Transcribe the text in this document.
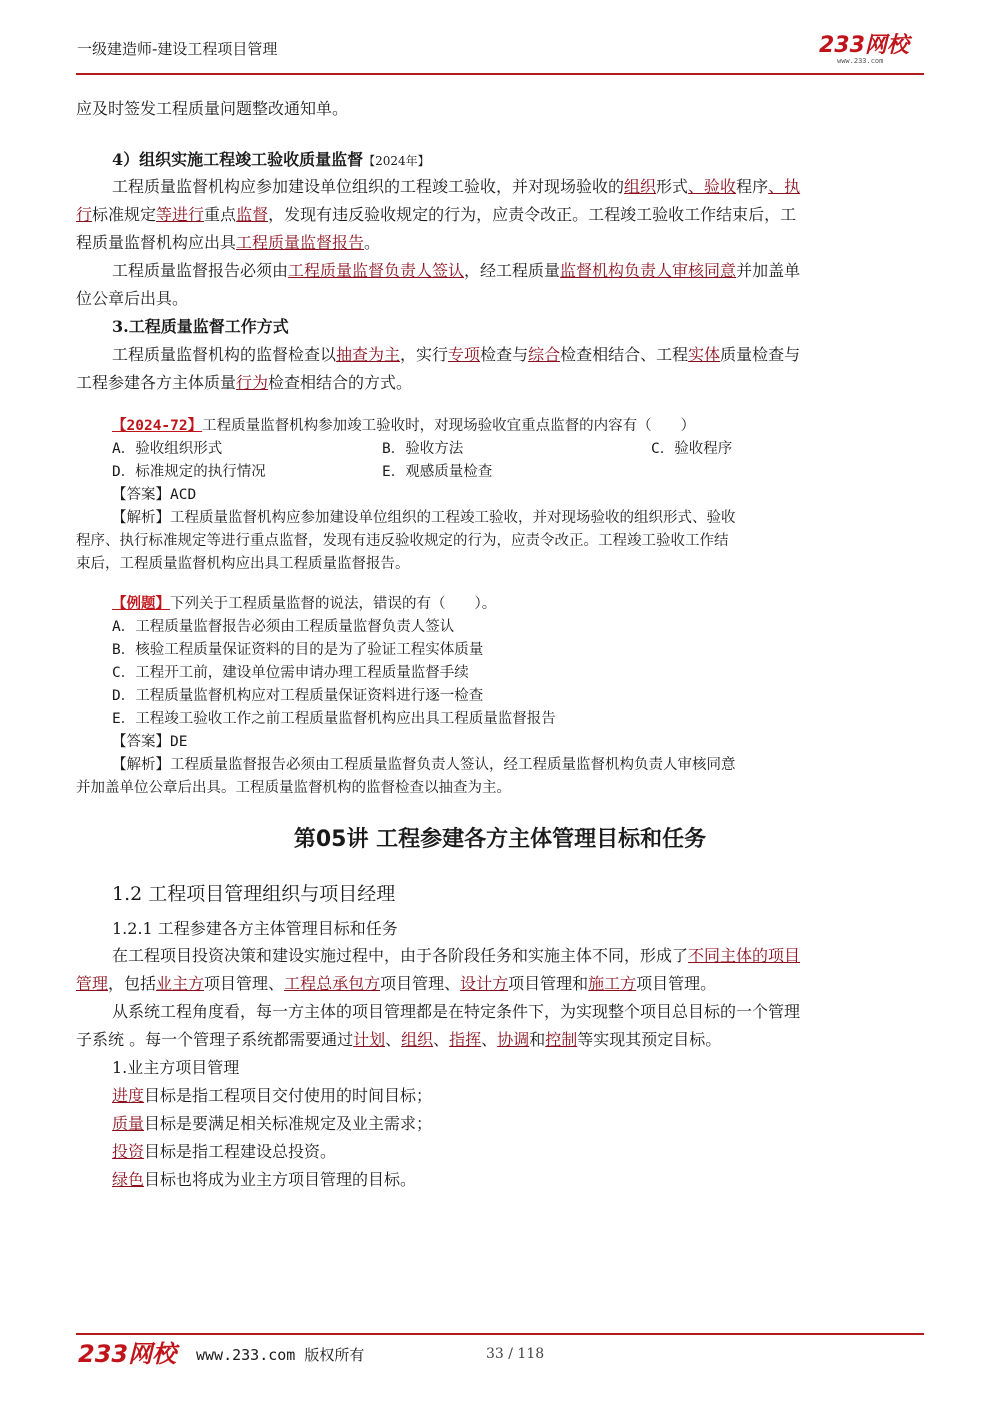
一级建造师-建设工程项目管理	233网校
www.233.com
应及时签发工程质量问题整改通知单。
4）组织实施工程竣工验收质量监督【2024年】
工程质量监督机构应参加建设单位组织的工程竣工验收，并对现场验收的组织形式、验收程序、执
行标准规定等进行重点监督，发现有违反验收规定的行为，应责令改正。工程竣工验收工作结束后，工
程质量监督机构应出具工程质量监督报告。
工程质量监督报告必须由工程质量监督负责人签认，经工程质量监督机构负责人审核同意并加盖单
位公章后出具。
3.工程质量监督工作方式
工程质量监督机构的监督检查以抽查为主，实行专项检查与综合检查相结合、工程实体质量检查与
工程参建各方主体质量行为检查相结合的方式。
【2024-72】工程质量监督机构参加竣工验收时，对现场验收宜重点监督的内容有（　　）
A．验收组织形式	B．验收方法	C．验收程序
D．标准规定的执行情况	E．观感质量检查
【答案】ACD
【解析】工程质量监督机构应参加建设单位组织的工程竣工验收，并对现场验收的组织形式、验收
程序、执行标准规定等进行重点监督，发现有违反验收规定的行为，应责令改正。工程竣工验收工作结
束后，工程质量监督机构应出具工程质量监督报告。
【例题】下列关于工程质量监督的说法，错误的有（　　）。
A．工程质量监督报告必须由工程质量监督负责人签认
B．核验工程质量保证资料的目的是为了验证工程实体质量
C．工程开工前，建设单位需申请办理工程质量监督手续
D．工程质量监督机构应对工程质量保证资料进行逐一检查
E．工程竣工验收工作之前工程质量监督机构应出具工程质量监督报告
【答案】DE
【解析】工程质量监督报告必须由工程质量监督负责人签认，经工程质量监督机构负责人审核同意
并加盖单位公章后出具。工程质量监督机构的监督检查以抽查为主。
第05讲 工程参建各方主体管理目标和任务
1.2 工程项目管理组织与项目经理
1.2.1 工程参建各方主体管理目标和任务
在工程项目投资决策和建设实施过程中，由于各阶段任务和实施主体不同，形成了不同主体的项目
管理，包括业主方项目管理、工程总承包方项目管理、设计方项目管理和施工方项目管理。
从系统工程角度看，每一方主体的项目管理都是在特定条件下，为实现整个项目总目标的一个管理
子系统 。每一个管理子系统都需要通过计划、组织、指挥、协调和控制等实现其预定目标。
1.业主方项目管理
进度目标是指工程项目交付使用的时间目标；
质量目标是要满足相关标准规定及业主需求；
投资目标是指工程建设总投资。
绿色目标也将成为业主方项目管理的目标。
233网校 www.233.com 版权所有	33 / 118
